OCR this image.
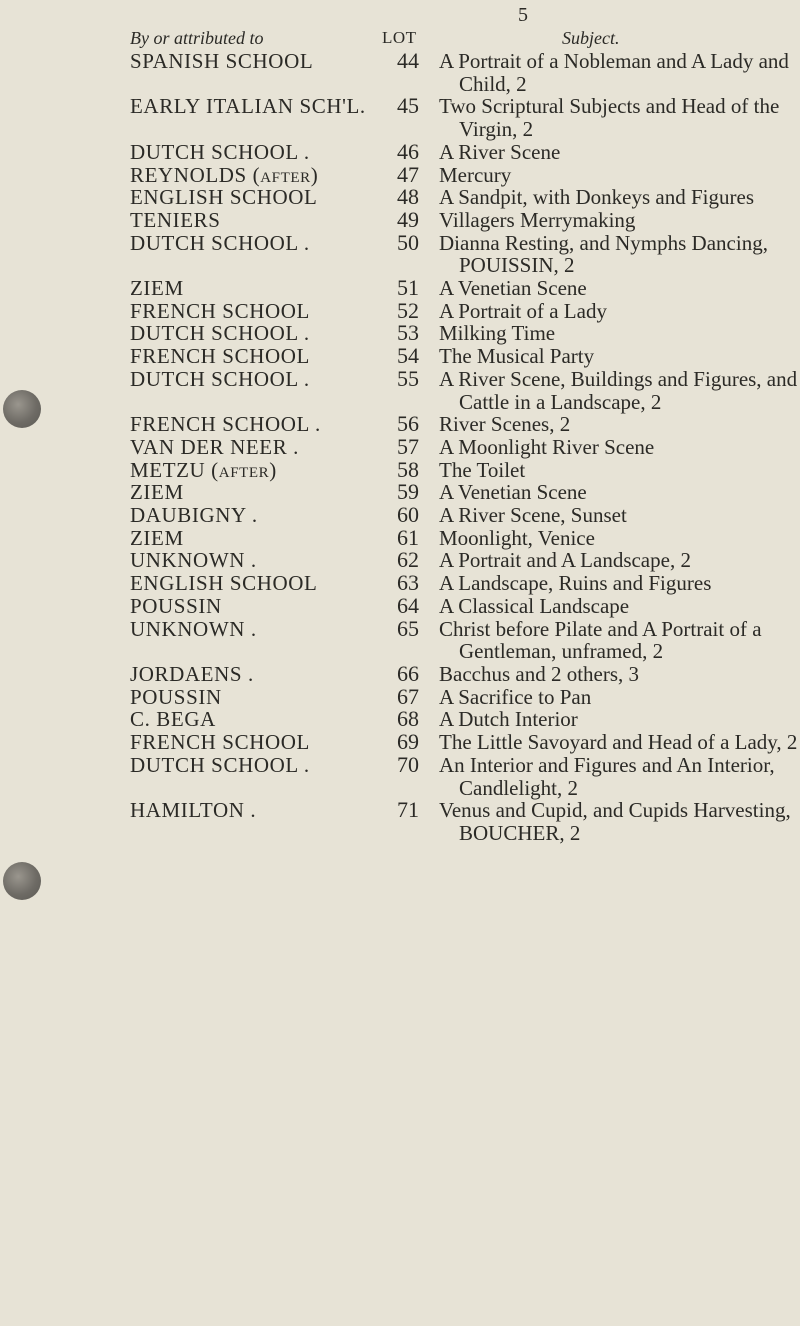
5
By or attributed to	LOT	Subject.
SPANISH SCHOOL	44 A Portrait of a Nobleman and A Lady and Child, 2
EARLY ITALIAN SCH'L. 45 Two Scriptural Subjects and Head of the Virgin, 2
DUTCH SCHOOL .	46 A River Scene
REYNOLDS (after)	47 Mercury
ENGLISH SCHOOL	48 A Sandpit, with Donkeys and Figures
TENIERS	49 Villagers Merrymaking
DUTCH SCHOOL .	50 Dianna Resting, and Nymphs Dancing, POUISSIN, 2
ZIEM	51 A Venetian Scene
FRENCH SCHOOL	52 A Portrait of a Lady
DUTCH SCHOOL .	53 Milking Time
FRENCH SCHOOL	54 The Musical Party
DUTCH SCHOOL .	55 A River Scene, Buildings and Figures, and Cattle in a Landscape, 2
FRENCH SCHOOL .	56 River Scenes, 2
VAN DER NEER .	57 A Moonlight River Scene
METZU (after)	58 The Toilet
ZIEM	59 A Venetian Scene
DAUBIGNY .	60 A River Scene, Sunset
ZIEM	61 Moonlight, Venice
UNKNOWN .	62 A Portrait and A Landscape, 2
ENGLISH SCHOOL	63 A Landscape, Ruins and Figures
POUSSIN	64 A Classical Landscape
UNKNOWN .	65 Christ before Pilate and A Portrait of a Gentleman, unframed, 2
JORDAENS .	66 Bacchus and 2 others, 3
POUSSIN	67 A Sacrifice to Pan
C. BEGA	68 A Dutch Interior
FRENCH SCHOOL	69 The Little Savoyard and Head of a Lady, 2
DUTCH SCHOOL .	70 An Interior and Figures and An Interior, Candlelight, 2
HAMILTON .	71 Venus and Cupid, and Cupids Harvesting, BOUCHER, 2
